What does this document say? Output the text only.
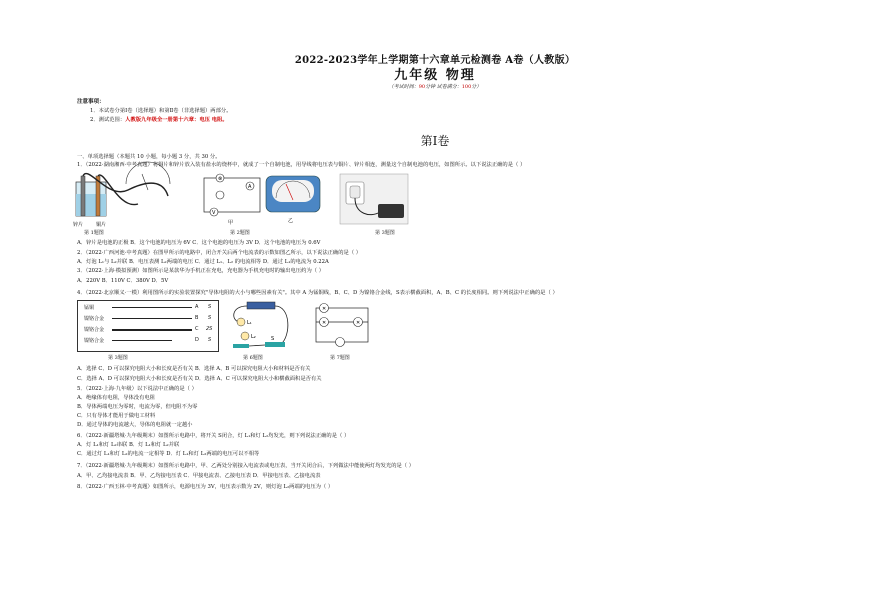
2022-2023学年上学期第十六章单元检测卷 A卷（人教版）
九年级 物理
（考试时间：90分钟 试卷满分：100分）
注意事项：
1．本试卷分第Ⅰ卷（选择题）和第Ⅱ卷（非选择题）两部分。
2．测试范围：人教版九年级全一册第十六章：电压 电阻。
第Ⅰ卷
一、单项选择题（本题共 10 小题，每小题 3 分，共 30 分。
1．（2022·湖南湘西·中考真题）将铜片和锌片放入装有盐水的烧杯中，就成了一个自制电池，用导线将电压表与铜片、锌片相连，测量这个自制电池的电压，如图所示。以下说法正确的是（ ）
锌片	铜片
第 1题图
⊗
V
A
甲	乙
第 2题图	第 3题图
A．锌片是电池的正极 B．这个电池的电压为 6V C．这个电池的电压为 3V D．这个电池的电压为 0.6V
2．（2022·广西河池·中考真题）在图甲所示的电路中，闭合开关后两个电流表的示数如图乙所示，以下说法正确的是（ ）
A．灯泡 L₁与 L₂并联 B．电压表测 L₂两端的电压 C．通过 L₁、L₂ 的电流相等 D．通过 L₁的电流为 0.22A
3．（2022·上海·模拟预测）如图所示是某款华为手机正在充电，充电器为手机充电时的输出电压约为（ ）
A．220V B．110V C．380V D．5V
4．（2022·北京顺义·一模）利用图所示的实验装置探究"导体电阻的大小与哪些因素有关"。其中 A 为锰铜线，B、C、D 为镍铬合金线，S表示横截面积，A、B、C 的长度相同。则下列说法中正确的是（ ）
锰铜	A S
镍铬合金	B S
镍铬合金	C 2S
镍铬合金	D S
第 3题图
L₁
L₂	S
第 6题图
✕
✕	✕
第 7题图
A．选择 C、D 可以探究电阻大小和长度是否有关 B．选择 A、B 可以探究电阻大小和材料是否有关
C．选择 A、D 可以探究电阻大小和长度是否有关 D．选择 A、C 可以探究电阻大小和横截面积是否有关
5．（2022·上海·九年级）以下说法中正确的是（ ）
A．绝缘体有电阻，导体没有电阻
B．导体两端电压为零时，电流为零，但电阻不为零
C．只有导体才能用于做电工材料
D．通过导体的电流越大，导体的电阻就一定越小
6．（2022·新疆塔城·九年级期末）如图所示电路中，将开关 S闭合，灯 L₁和灯 L₂均发光，则下列说法正确的是（ ）
A．灯 L₁和灯 L₂串联 B．灯 L₁和灯 L₂并联
C．通过灯 L₁和灯 L₂的电流一定相等 D．灯 L₁和灯 L₂两端的电压可以不相等
7．（2022·新疆塔城·九年级期末）如图所示电路中，甲、乙两处分别接入电流表或电压表，当开关闭合后，下列做法中能使两灯均发光的是（ ）
A．甲、乙均接电流表 B．甲、乙均接电压表 C．甲接电流表、乙接电压表 D．甲接电压表、乙接电流表
8．（2022·广西玉林·中考真题）如图所示，电源电压为 3V，电压表示数为 2V，则灯泡 L₂两端的电压为（ ）
